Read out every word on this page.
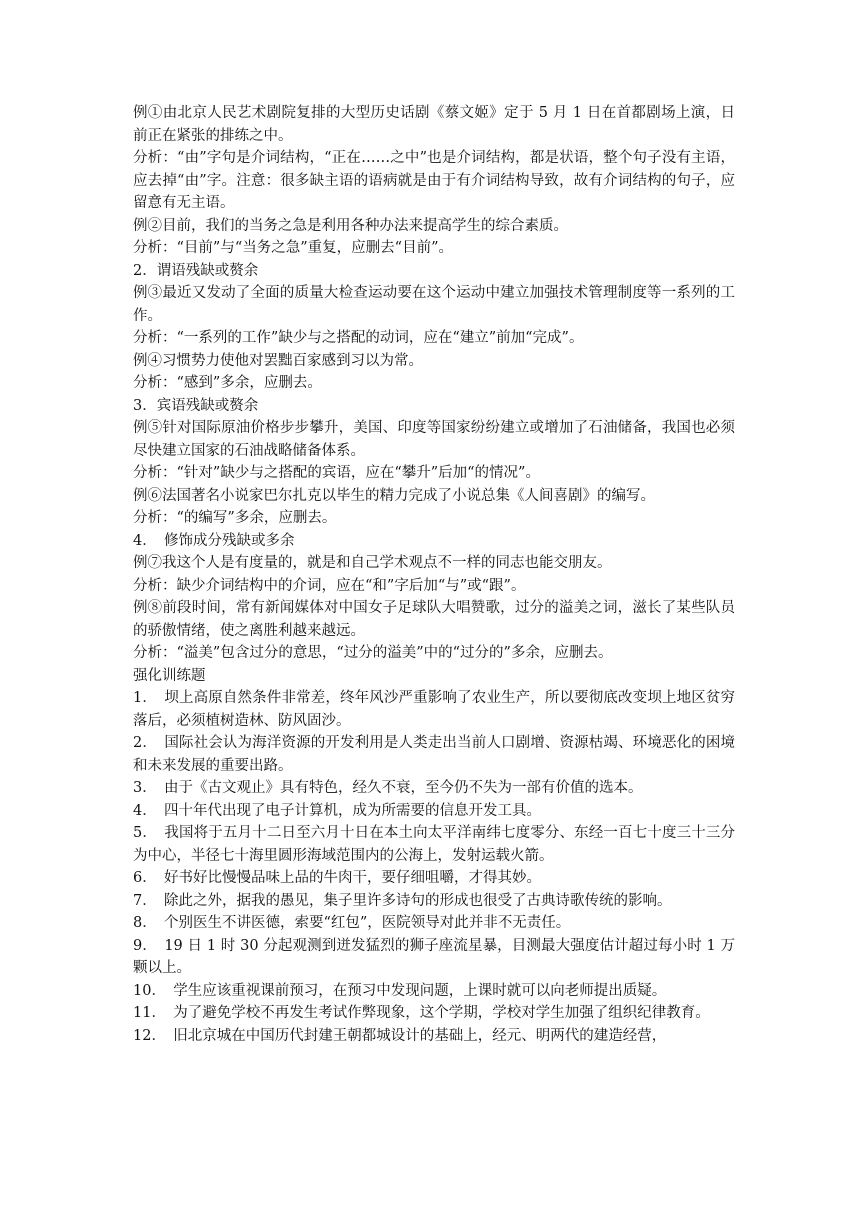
例①由北京人民艺术剧院复排的大型历史话剧《蔡文姬》定于 5 月 1 日在首都剧场上演，日前正在紧张的排练之中。

分析：“由”字句是介词结构，“正在……之中”也是介词结构，都是状语，整个句子没有主语，应去掉“由”字。注意：很多缺主语的语病就是由于有介词结构导致，故有介词结构的句子，应留意有无主语。

例②目前，我们的当务之急是利用各种办法来提高学生的综合素质。

分析：“目前”与“当务之急”重复，应删去“目前”。

2．谓语残缺或赘余

例③最近又发动了全面的质量大检查运动要在这个运动中建立加强技术管理制度等一系列的工作。

分析：“一系列的工作”缺少与之搭配的动词，应在“建立”前加“完成”。

例④习惯势力使他对罢黜百家感到习以为常。

分析：“感到”多余，应删去。

3．宾语残缺或赘余

例⑤针对国际原油价格步步攀升，美国、印度等国家纷纷建立或增加了石油储备，我国也必须尽快建立国家的石油战略储备体系。

分析：“针对”缺少与之搭配的宾语，应在“攀升”后加“的情况”。

例⑥法国著名小说家巴尔扎克以毕生的精力完成了小说总集《人间喜剧》的编写。

分析：“的编写”多余，应删去。

4．　修饰成分残缺或多余

例⑦我这个人是有度量的，就是和自己学术观点不一样的同志也能交朋友。

分析：缺少介词结构中的介词，应在“和”字后加“与”或“跟”。

例⑧前段时间，常有新闻媒体对中国女子足球队大唱赞歌，过分的溢美之词，滋长了某些队员的骄傲情绪，使之离胜利越来越远。

分析：“溢美”包含过分的意思，“过分的溢美”中的“过分的”多余，应删去。

强化训练题

1．　坝上高原自然条件非常差，终年风沙严重影响了农业生产，所以要彻底改变坝上地区贫穷落后，必须植树造林、防风固沙。

2．　国际社会认为海洋资源的开发利用是人类走出当前人口剧增、资源枯竭、环境恶化的困境和未来发展的重要出路。

3．　由于《古文观止》具有特色，经久不衰，至今仍不失为一部有价值的选本。

4．　四十年代出现了电子计算机，成为所需要的信息开发工具。

5．　我国将于五月十二日至六月十日在本土向太平洋南纬七度零分、东经一百七十度三十三分为中心，半径七十海里圆形海域范围内的公海上，发射运载火箭。

6．　好书好比慢慢品味上品的牛肉干，要仔细咀嚼，才得其妙。

7．　除此之外，据我的愚见，集子里许多诗句的形成也很受了古典诗歌传统的影响。

8．　个别医生不讲医德，索要“红包”，医院领导对此并非不无责任。

9．　19 日 1 时 30 分起观测到迸发猛烈的狮子座流星暴，目测最大强度估计超过每小时 1 万颗以上。

10．　学生应该重视课前预习，在预习中发现问题，上课时就可以向老师提出质疑。

11．　为了避免学校不再发生考试作弊现象，这个学期，学校对学生加强了组织纪律教育。

12．　旧北京城在中国历代封建王朝都城设计的基础上，经元、明两代的建造经营，
